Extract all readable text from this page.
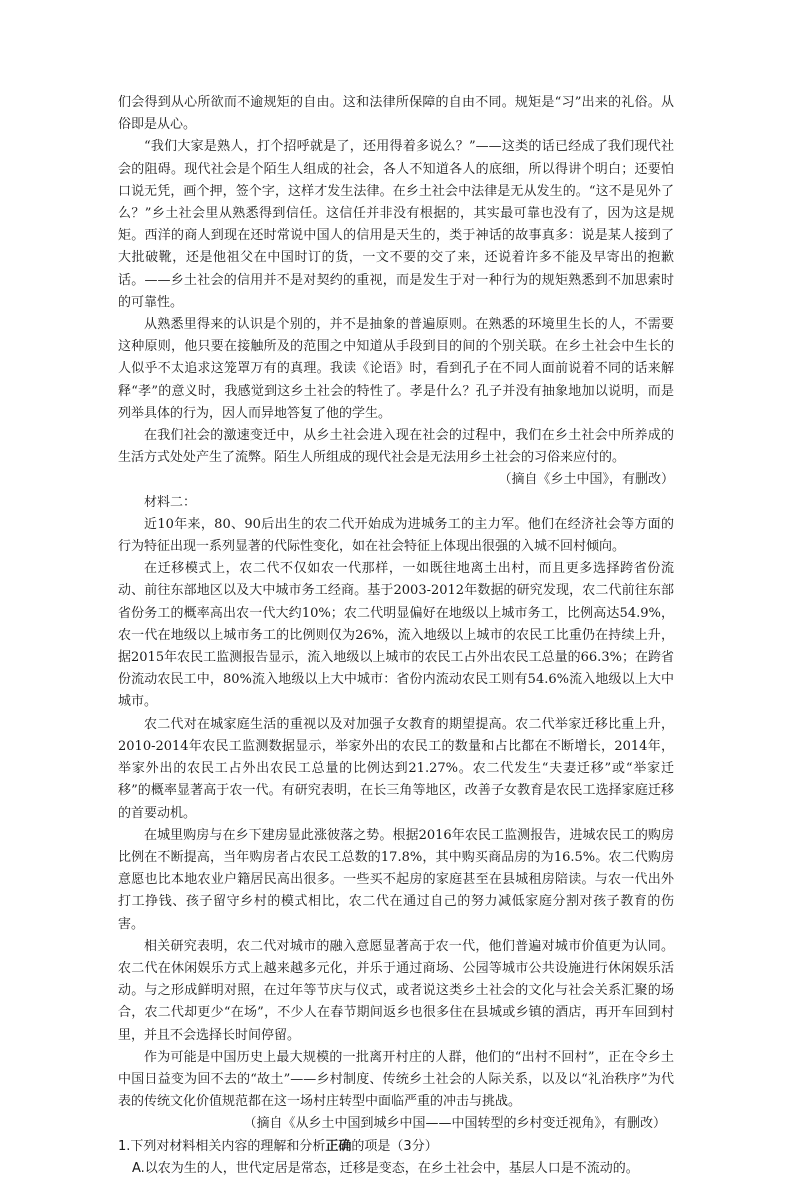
们会得到从心所欲而不逾规矩的自由。这和法律所保障的自由不同。规矩是“习”出来的礼俗。从俗即是从心。

“我们大家是熟人，打个招呼就是了，还用得着多说么？”——这类的话已经成了我们现代社会的阻碍。现代社会是个陌生人组成的社会，各人不知道各人的底细，所以得讲个明白；还要怕口说无凭，画个押，签个字，这样才发生法律。在乡土社会中法律是无从发生的。“这不是见外了么？”乡土社会里从熟悉得到信任。这信任并非没有根据的，其实最可靠也没有了，因为这是规矩。西洋的商人到现在还时常说中国人的信用是天生的，类于神话的故事真多：说是某人接到了大批破靴，还是他祖父在中国时订的货，一文不要的交了来，还说着许多不能及早寄出的抱歉话。——乡土社会的信用并不是对契约的重视，而是发生于对一种行为的规矩熟悉到不加思索时的可靠性。

从熟悉里得来的认识是个别的，并不是抽象的普遍原则。在熟悉的环境里生长的人，不需要这种原则，他只要在接触所及的范围之中知道从手段到目的间的个别关联。在乡土社会中生长的人似乎不太追求这笼罩万有的真理。我读《论语》时，看到孔子在不同人面前说着不同的话来解释“孝”的意义时，我感觉到这乡土社会的特性了。孝是什么？孔子并没有抽象地加以说明，而是列举具体的行为，因人而异地答复了他的学生。

在我们社会的激速变迁中，从乡土社会进入现在社会的过程中，我们在乡土社会中所养成的生活方式处处产生了流弊。陌生人所组成的现代社会是无法用乡土社会的习俗来应付的。

（摘自《乡土中国》，有删改）

材料二：

近10年来，80、90后出生的农二代开始成为进城务工的主力军。他们在经济社会等方面的行为特征出现一系列显著的代际性变化，如在社会特征上体现出很强的入城不回村倾向。

在迁移模式上，农二代不仅如农一代那样，一如既往地离土出村，而且更多选择跨省份流动、前往东部地区以及大中城市务工经商。基于2003-2012年数据的研究发现，农二代前往东部省份务工的概率高出农一代大约10%；农二代明显偏好在地级以上城市务工，比例高达54.9%，农一代在地级以上城市务工的比例则仅为26%，流入地级以上城市的农民工比重仍在持续上升，据2015年农民工监测报告显示，流入地级以上城市的农民工占外出农民工总量的66.3%；在跨省份流动农民工中，80%流入地级以上大中城市：省份内流动农民工则有54.6%流入地级以上大中城市。

农二代对在城家庭生活的重视以及对加强子女教育的期望提高。农二代举家迁移比重上升，2010-2014年农民工监测数据显示，举家外出的农民工的数量和占比都在不断增长，2014年，举家外出的农民工占外出农民工总量的比例达到21.27%。农二代发生“夫妻迁移”或“举家迁移”的概率显著高于农一代。有研究表明，在长三角等地区，改善子女教育是农民工选择家庭迁移的首要动机。

在城里购房与在乡下建房显此涨彼落之势。根据2016年农民工监测报告，进城农民工的购房比例在不断提高，当年购房者占农民工总数的17.8%，其中购买商品房的为16.5%。农二代购房意愿也比本地农业户籍居民高出很多。一些买不起房的家庭甚至在县城租房陪读。与农一代出外打工挣钱、孩子留守乡村的模式相比，农二代在通过自己的努力减低家庭分割对孩子教育的伤害。

相关研究表明，农二代对城市的融入意愿显著高于农一代，他们普遍对城市价值更为认同。农二代在休闲娱乐方式上越来越多元化，并乐于通过商场、公园等城市公共设施进行休闲娱乐活动。与之形成鲜明对照，在过年等节庆与仪式，或者说这类乡土社会的文化与社会关系汇聚的场合，农二代却更少“在场”，不少人在春节期间返乡也很多住在县城或乡镇的酒店，再开车回到村里，并且不会选择长时间停留。

作为可能是中国历史上最大规模的一批离开村庄的人群，他们的“出村不回村”，正在令乡土中国日益变为回不去的“故土”——乡村制度、传统乡土社会的人际关系，以及以“礼治秩序”为代表的传统文化价值规范都在这一场村庄转型中面临严重的冲击与挑战。

（摘自《从乡土中国到城乡中国——中国转型的乡村变迁视角》，有删改）

1.下列对材料相关内容的理解和分析正确的项是（3分）

A.以农为生的人，世代定居是常态，迁移是变态，在乡土社会中，基层人口是不流动的。
